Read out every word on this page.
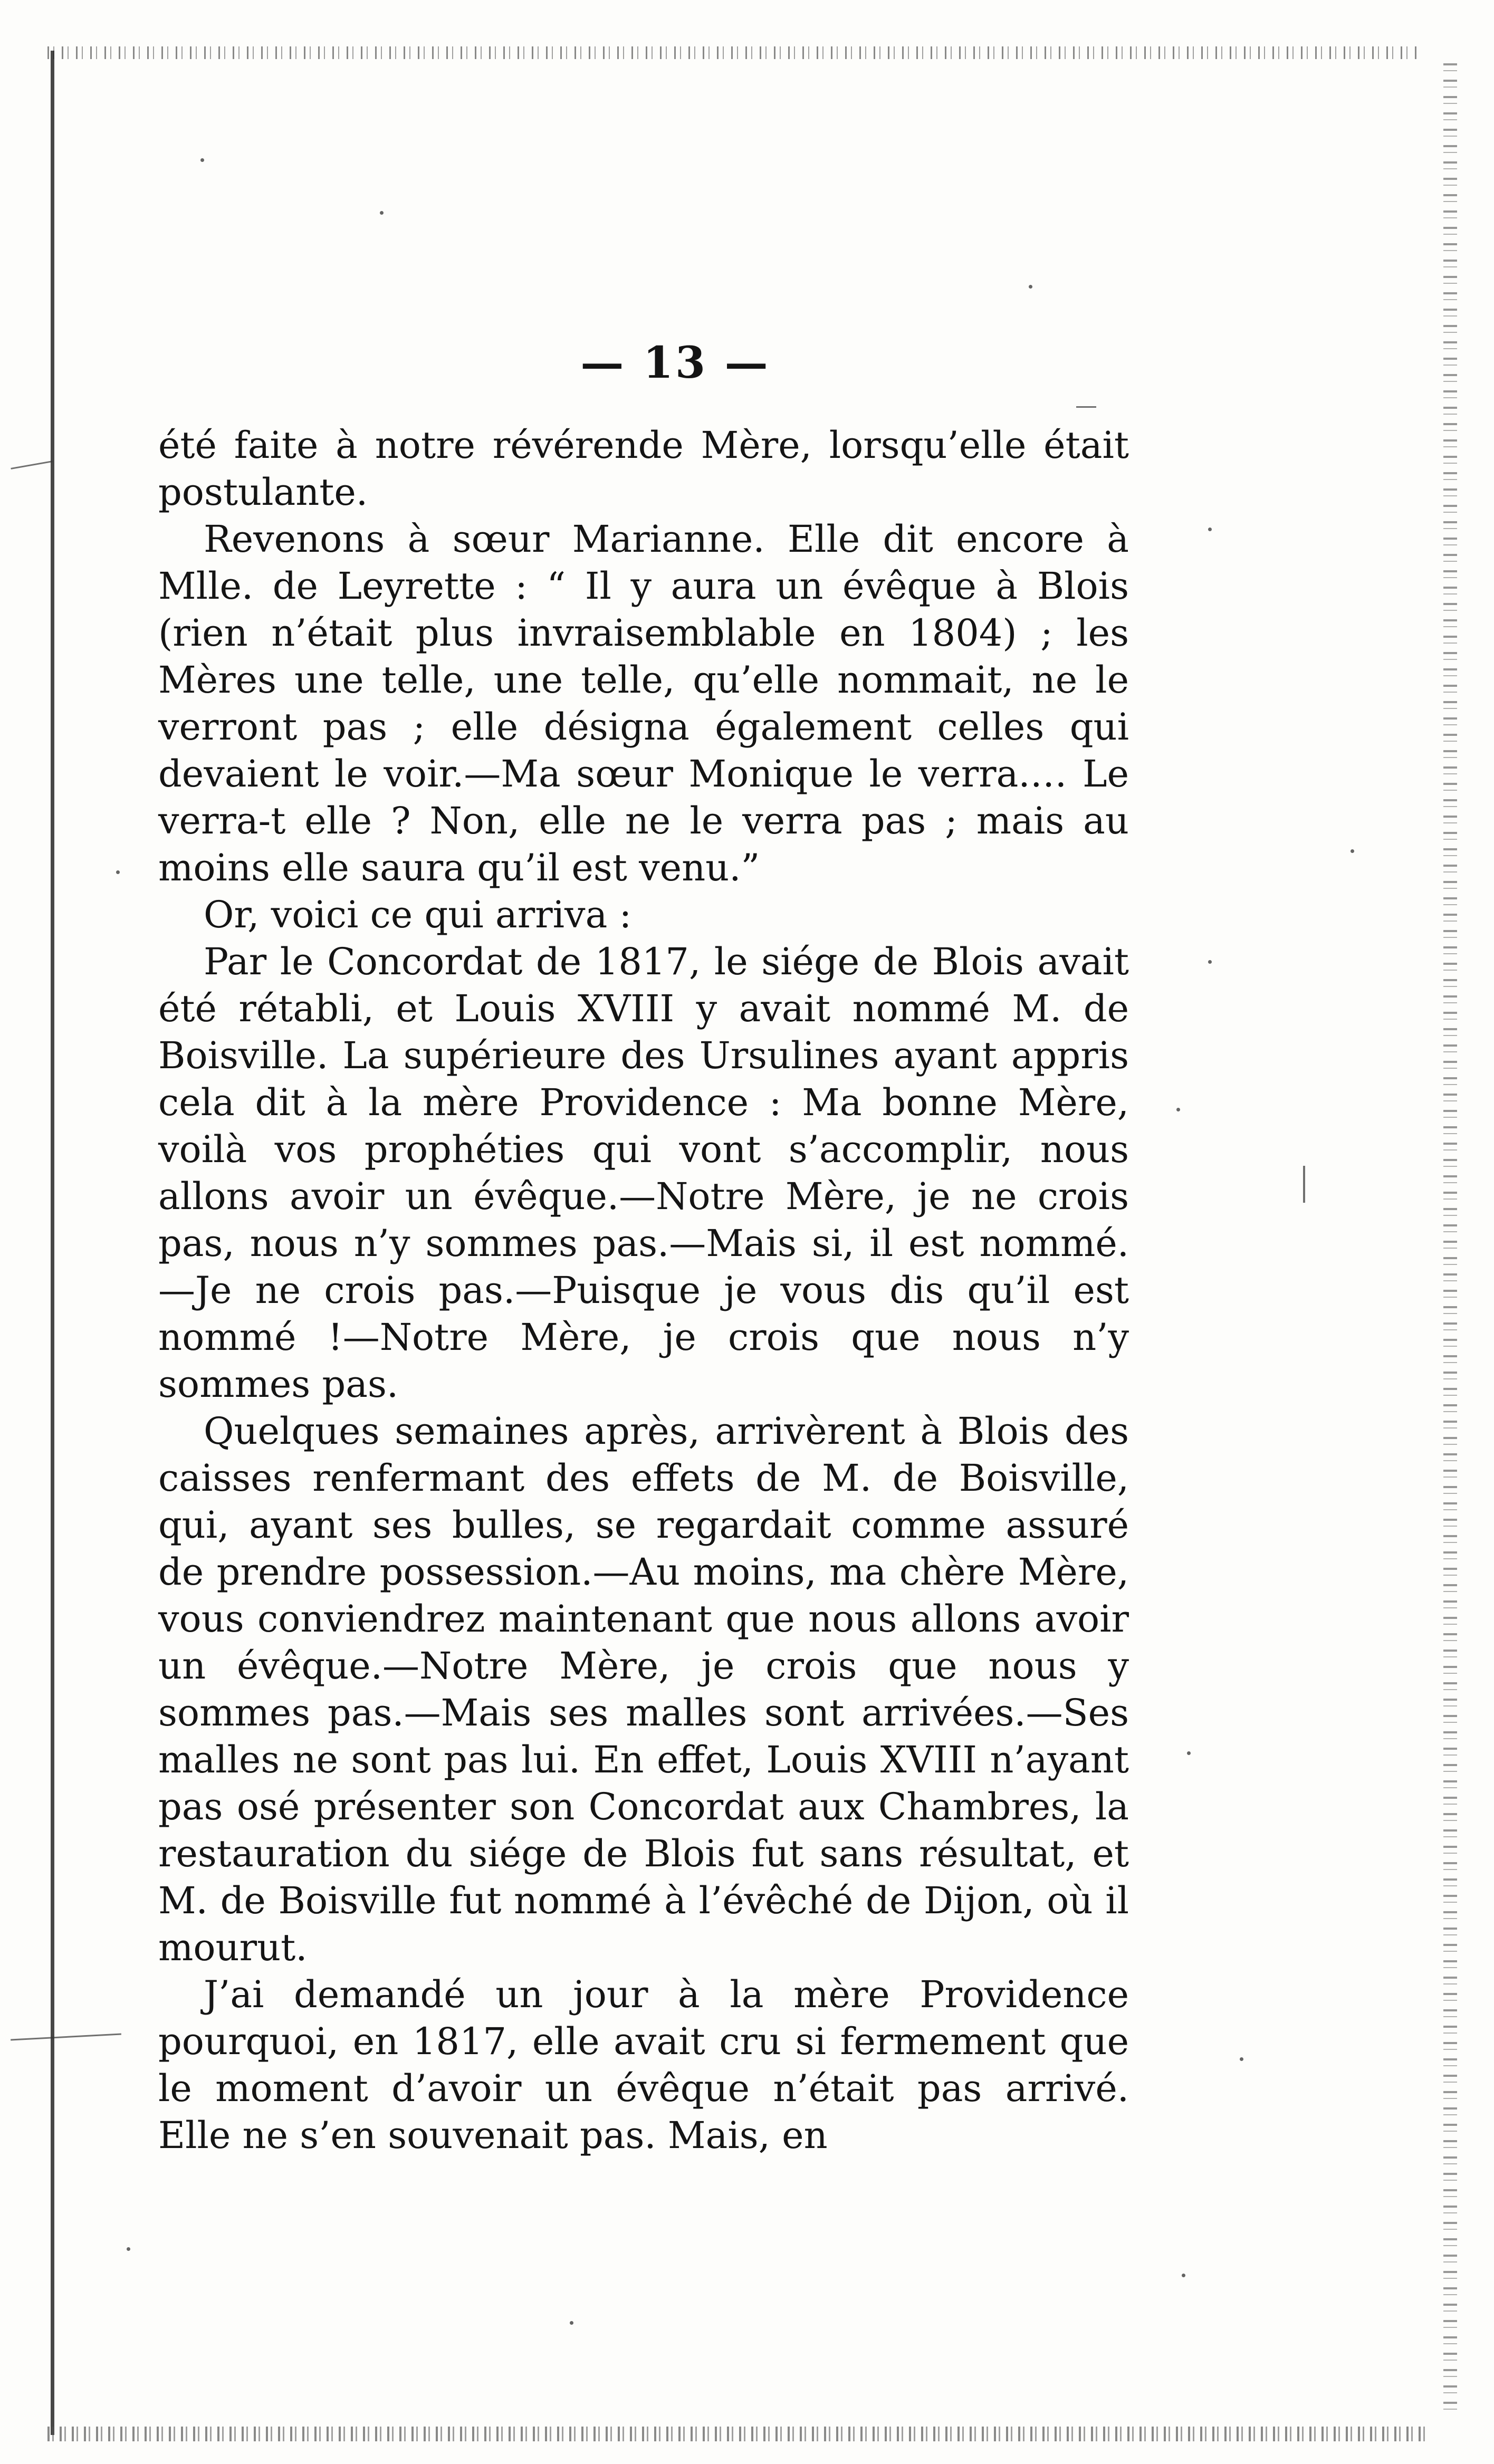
— 13 —

été faite à notre révérende Mère, lorsqu’elle était postulante.

Revenons à sœur Marianne. Elle dit encore à Mlle. de Leyrette : “ Il y aura un évêque à Blois (rien n’était plus invraisemblable en 1804) ; les Mères une telle, une telle, qu’elle nommait, ne le verront pas ; elle désigna également celles qui devaient le voir.—Ma sœur Monique le verra.… Le verra-t elle ? Non, elle ne le verra pas ; mais au moins elle saura qu’il est venu.”

Or, voici ce qui arriva :

Par le Concordat de 1817, le siége de Blois avait été rétabli, et Louis XVIII y avait nommé M. de Boisville. La supérieure des Ursulines ayant appris cela dit à la mère Providence : Ma bonne Mère, voilà vos prophéties qui vont s’accomplir, nous allons avoir un évêque.—Notre Mère, je ne crois pas, nous n’y sommes pas.—Mais si, il est nommé.—Je ne crois pas.—Puisque je vous dis qu’il est nommé !—Notre Mère, je crois que nous n’y sommes pas.

Quelques semaines après, arrivèrent à Blois des caisses renfermant des effets de M. de Boisville, qui, ayant ses bulles, se regardait comme assuré de prendre possession.—Au moins, ma chère Mère, vous conviendrez maintenant que nous allons avoir un évêque.—Notre Mère, je crois que nous y sommes pas.—Mais ses malles sont arrivées.—Ses malles ne sont pas lui. En effet, Louis XVIII n’ayant pas osé présenter son Concordat aux Chambres, la restauration du siége de Blois fut sans résultat, et M. de Boisville fut nommé à l’évêché de Dijon, où il mourut.

J’ai demandé un jour à la mère Providence pourquoi, en 1817, elle avait cru si fermement que le moment d’avoir un évêque n’était pas arrivé. Elle ne s’en souvenait pas. Mais, en
